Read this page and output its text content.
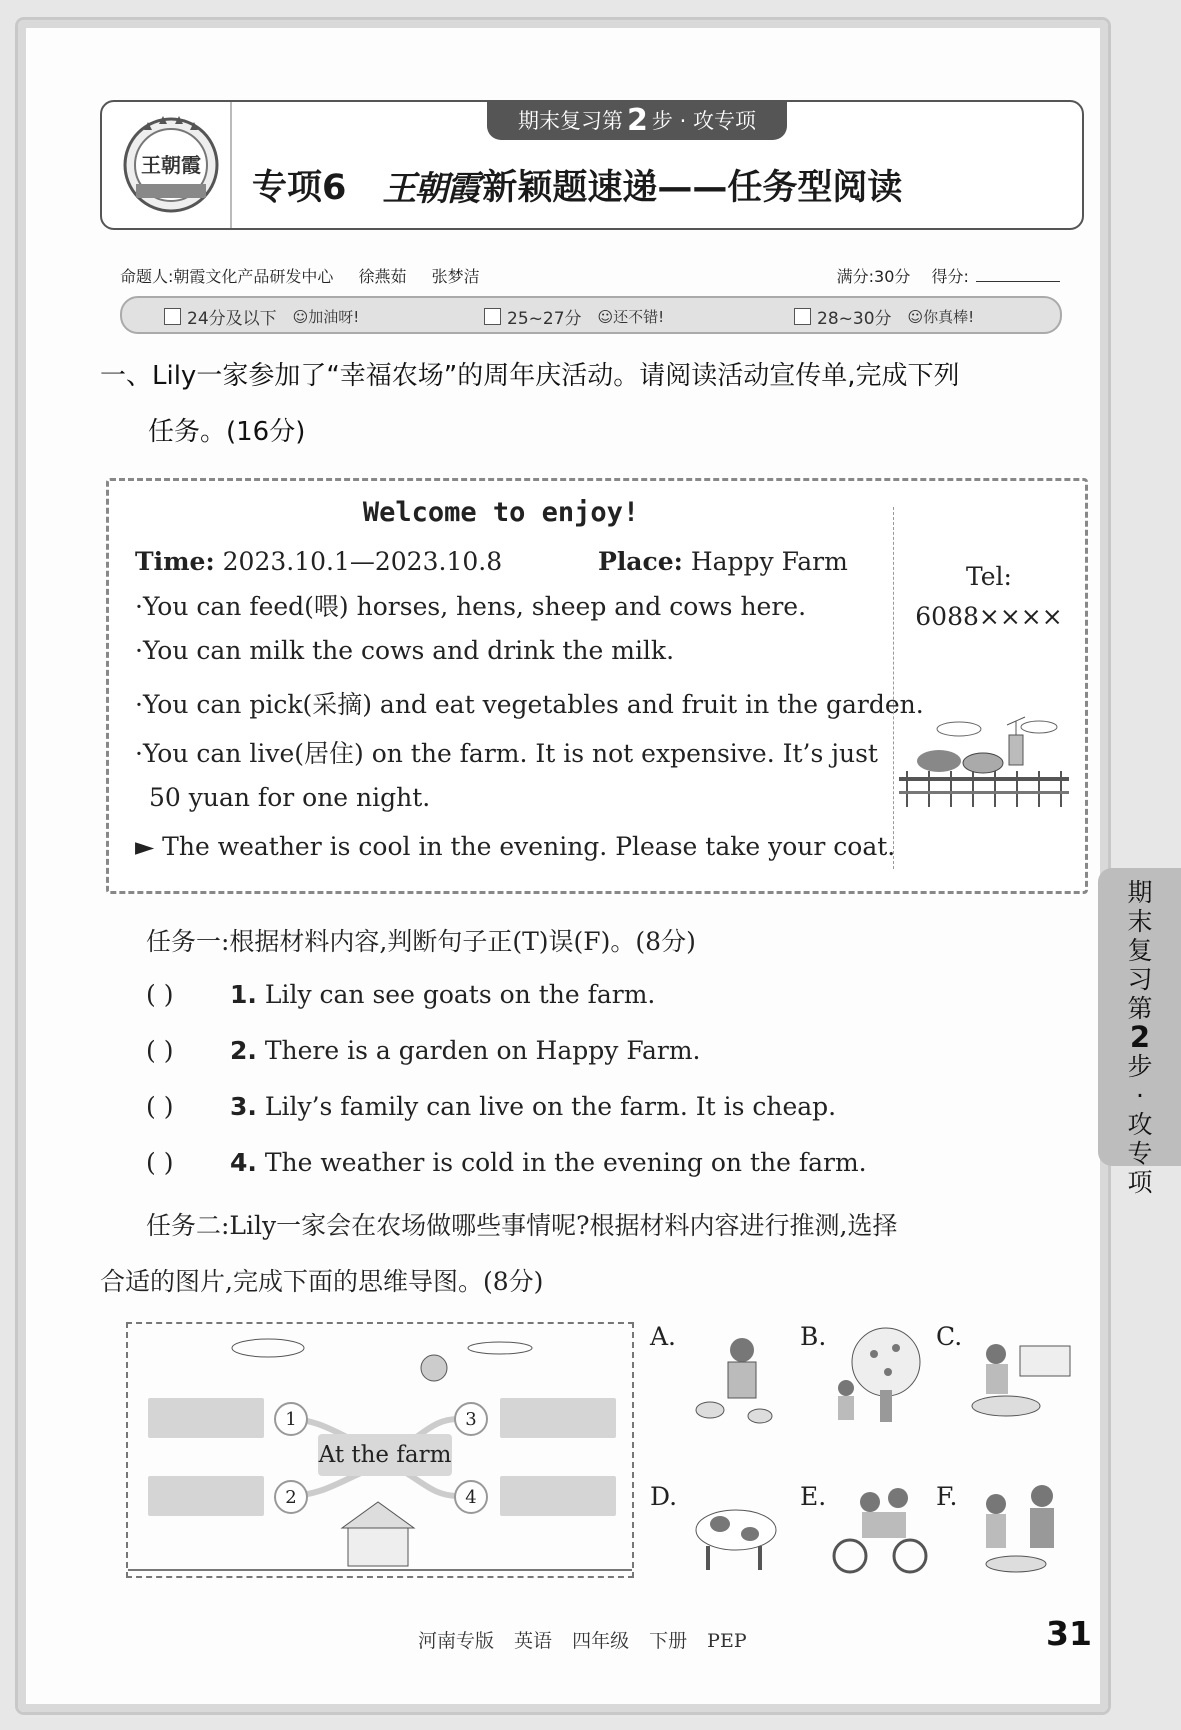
王朝霞
期末复习第 2 步 · 攻专项
专项6 王朝霞 新颖题速递——任务型阅读
命题人:朝霞文化产品研发中心 徐燕茹 张梦洁	满分:30分 得分:
24分及以下 ☺加油呀!	25~27分 ☺还不错!	28~30分 ☺你真棒!
一、Lily一家参加了“幸福农场”的周年庆活动。请阅读活动宣传单,完成下列
任务。(16分)
Welcome to enjoy!
Time: 2023.10.1—2023.10.8	Place: Happy Farm
·You can feed(喂) horses, hens, sheep and cows here.
·You can milk the cows and drink the milk.
·You can pick(采摘) and eat vegetables and fruit in the garden.
·You can live(居住) on the farm. It is not expensive. It’s just
50 yuan for one night.
► The weather is cool in the evening. Please take your coat.
Tel:
6088××××
任务一:根据材料内容,判断句子正(T)误(F)。(8分)
( ) 1. Lily can see goats on the farm.
( ) 2. There is a garden on Happy Farm.
( ) 3. Lily’s family can live on the farm. It is cheap.
( ) 4. The weather is cold in the evening on the farm.
任务二:Lily一家会在农场做哪些事情呢?根据材料内容进行推测,选择
合适的图片,完成下面的思维导图。(8分)
1
2
3
4
At the farm
A.	B.	C.
D.	E.	F.
期
末
复
习
第
2
步
·
攻
专
项
河南专版 英语 四年级 下册 PEP	31
